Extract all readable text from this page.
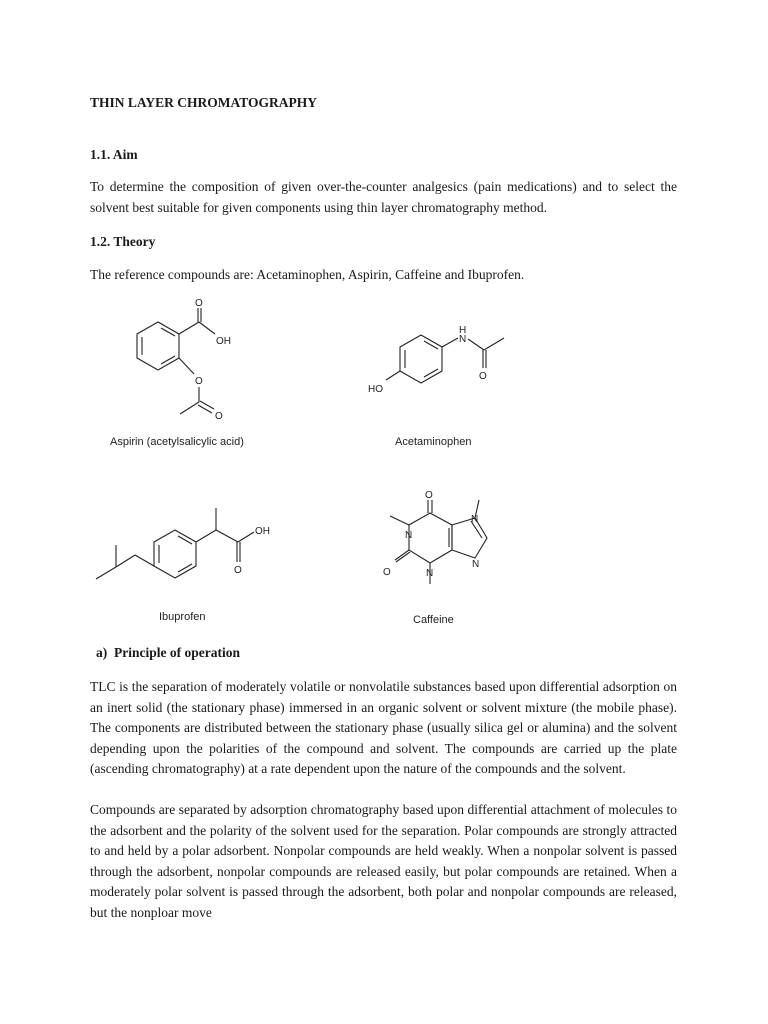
THIN LAYER CHROMATOGRAPHY

1.1. Aim

To determine the composition of given over-the-counter analgesics (pain medications) and to select the solvent best suitable for given components using thin layer chromatography method.

1.2. Theory

The reference compounds are: Acetaminophen, Aspirin, Caffeine and Ibuprofen.

O
OH
O
O
Aspirin (acetylsalicylic acid)
H
N
HO
O
Acetaminophen
OH
O
Ibuprofen
O
N
N
N
N
O
Caffeine

a)  Principle of operation

TLC is the separation of moderately volatile or nonvolatile substances based upon differential adsorption on an inert solid (the stationary phase) immersed in an organic solvent or solvent mixture (the mobile phase). The components are distributed between the stationary phase (usually silica gel or alumina) and the solvent depending upon the polarities of the compound and solvent. The compounds are carried up the plate (ascending chromatography) at a rate dependent upon the nature of the compounds and the solvent.

Compounds are separated by adsorption chromatography based upon differential attachment of molecules to the adsorbent and the polarity of the solvent used for the separation. Polar compounds are strongly attracted to and held by a polar adsorbent. Nonpolar compounds are held weakly. When a nonpolar solvent is passed through the adsorbent, nonpolar compounds are released easily, but polar compounds are retained. When a moderately polar solvent is passed through the adsorbent, both polar and nonpolar compounds are released, but the nonploar move
